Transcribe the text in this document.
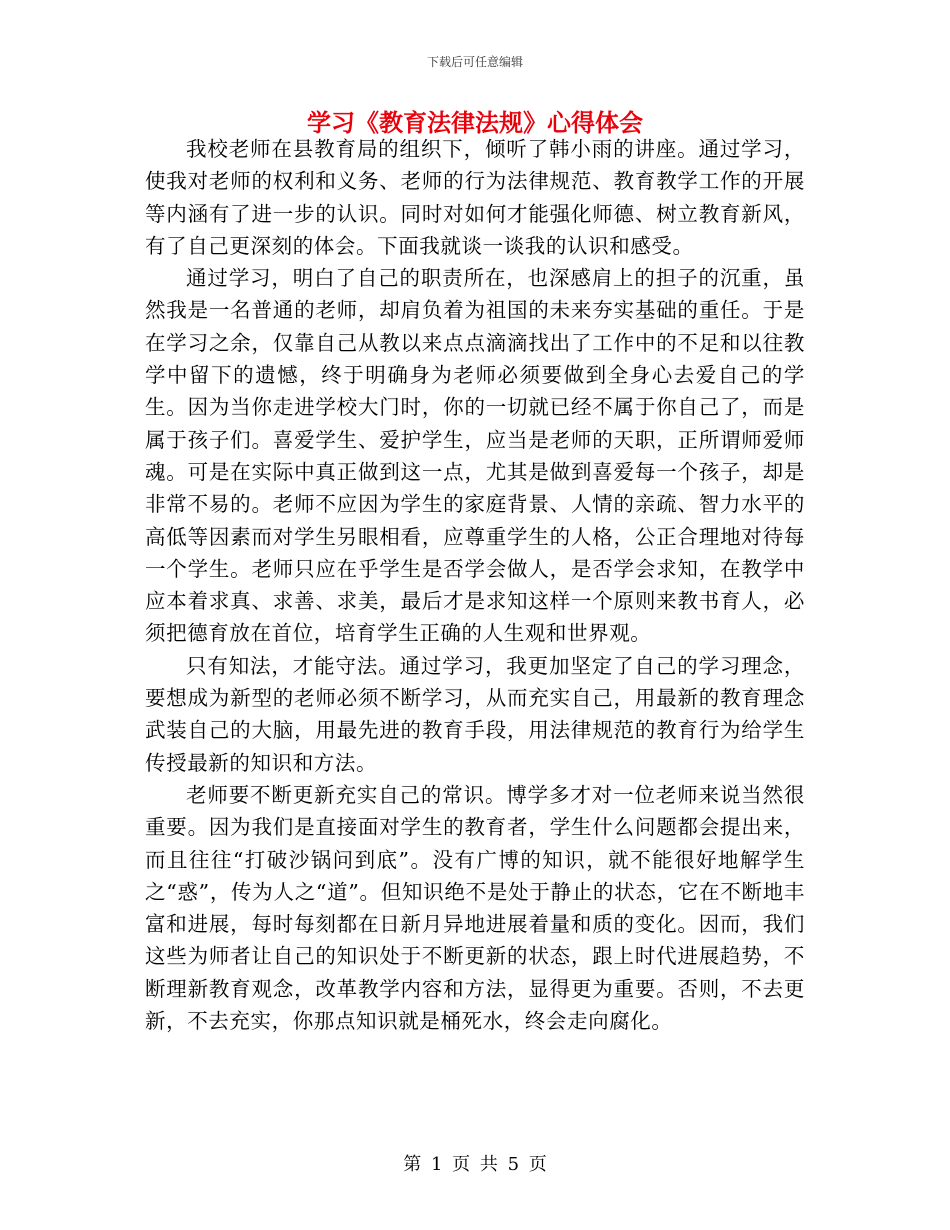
下载后可任意编辑
学习《教育法律法规》心得体会

我校老师在县教育局的组织下，倾听了韩小雨的讲座。通过学习，使我对老师的权利和义务、老师的行为法律规范、教育教学工作的开展等内涵有了进一步的认识。同时对如何才能强化师德、树立教育新风，有了自己更深刻的体会。下面我就谈一谈我的认识和感受。

通过学习，明白了自己的职责所在，也深感肩上的担子的沉重，虽然我是一名普通的老师，却肩负着为祖国的未来夯实基础的重任。于是在学习之余，仅靠自己从教以来点点滴滴找出了工作中的不足和以往教学中留下的遗憾，终于明确身为老师必须要做到全身心去爱自己的学生。因为当你走进学校大门时，你的一切就已经不属于你自己了，而是属于孩子们。喜爱学生、爱护学生，应当是老师的天职，正所谓师爱师魂。可是在实际中真正做到这一点，尤其是做到喜爱每一个孩子，却是非常不易的。老师不应因为学生的家庭背景、人情的亲疏、智力水平的高低等因素而对学生另眼相看，应尊重学生的人格，公正合理地对待每一个学生。老师只应在乎学生是否学会做人，是否学会求知，在教学中应本着求真、求善、求美，最后才是求知这样一个原则来教书育人，必须把德育放在首位，培育学生正确的人生观和世界观。

只有知法，才能守法。通过学习，我更加坚定了自己的学习理念，要想成为新型的老师必须不断学习，从而充实自己，用最新的教育理念武装自己的大脑，用最先进的教育手段，用法律规范的教育行为给学生传授最新的知识和方法。

老师要不断更新充实自己的常识。博学多才对一位老师来说当然很重要。因为我们是直接面对学生的教育者，学生什么问题都会提出来，而且往往“打破沙锅问到底”。没有广博的知识，就不能很好地解学生之“惑”，传为人之“道”。但知识绝不是处于静止的状态，它在不断地丰富和进展，每时每刻都在日新月异地进展着量和质的变化。因而，我们这些为师者让自己的知识处于不断更新的状态，跟上时代进展趋势，不断理新教育观念，改革教学内容和方法，显得更为重要。否则，不去更新，不去充实，你那点知识就是桶死水，终会走向腐化。

第 1 页 共 5 页
